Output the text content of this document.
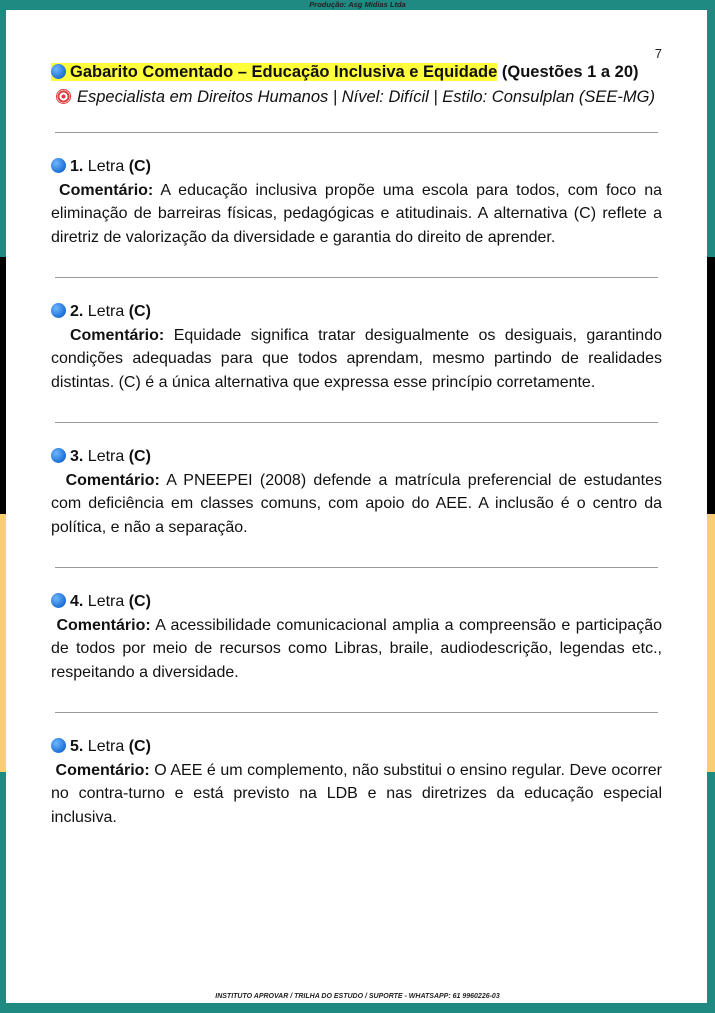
Produção: Asg Mídias Ltda
7
Gabarito Comentado – Educação Inclusiva e Equidade (Questões 1 a 20)
Especialista em Direitos Humanos | Nível: Difícil | Estilo: Consulplan (SEE-MG)
1. Letra (C)
Comentário: A educação inclusiva propõe uma escola para todos, com foco na eliminação de barreiras físicas, pedagógicas e atitudinais. A alternativa (C) reflete a diretriz de valorização da diversidade e garantia do direito de aprender.
2. Letra (C)
Comentário: Equidade significa tratar desigualmente os desiguais, garantindo condições adequadas para que todos aprendam, mesmo partindo de realidades distintas. (C) é a única alternativa que expressa esse princípio corretamente.
3. Letra (C)
Comentário: A PNEEPEI (2008) defende a matrícula preferencial de estudantes com deficiência em classes comuns, com apoio do AEE. A inclusão é o centro da política, e não a separação.
4. Letra (C)
Comentário: A acessibilidade comunicacional amplia a compreensão e participação de todos por meio de recursos como Libras, braile, audiodescrição, legendas etc., respeitando a diversidade.
5. Letra (C)
Comentário: O AEE é um complemento, não substitui o ensino regular. Deve ocorrer no contra-turno e está previsto na LDB e nas diretrizes da educação especial inclusiva.
INSTITUTO APROVAR / TRILHA DO ESTUDO / SUPORTE - WHATSAPP: 61 9960226-03
